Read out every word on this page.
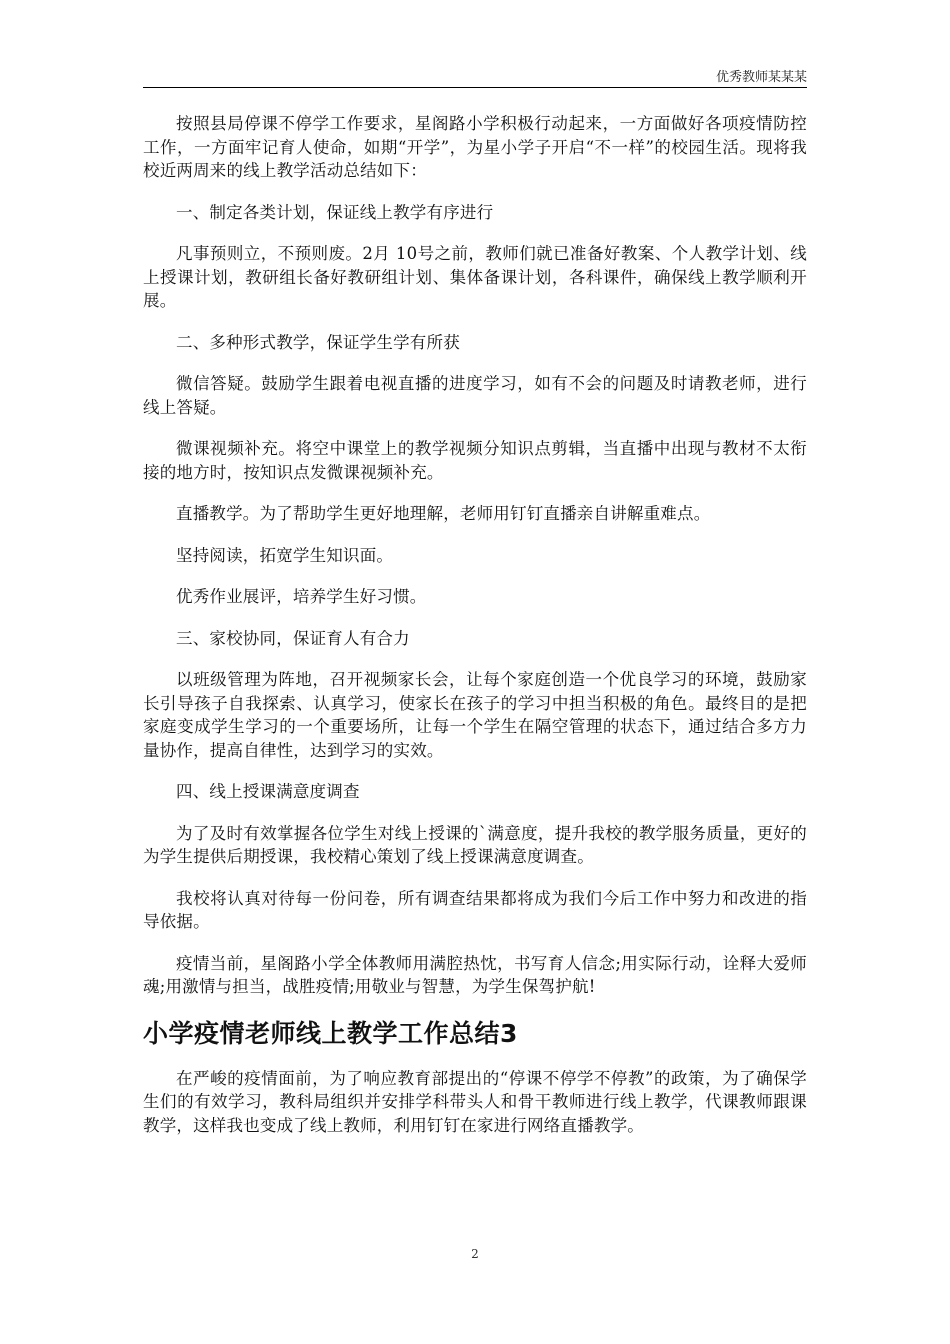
优秀教师某某某

按照县局停课不停学工作要求，星阁路小学积极行动起来，一方面做好各项疫情防控工作，一方面牢记育人使命，如期“开学”，为星小学子开启“不一样”的校园生活。现将我校近两周来的线上教学活动总结如下：

一、制定各类计划，保证线上教学有序进行

凡事预则立，不预则废。2月 10号之前，教师们就已准备好教案、个人教学计划、线上授课计划，教研组长备好教研组计划、集体备课计划，各科课件，确保线上教学顺利开展。

二、多种形式教学，保证学生学有所获

微信答疑。鼓励学生跟着电视直播的进度学习，如有不会的问题及时请教老师，进行线上答疑。

微课视频补充。将空中课堂上的教学视频分知识点剪辑，当直播中出现与教材不太衔接的地方时，按知识点发微课视频补充。

直播教学。为了帮助学生更好地理解，老师用钉钉直播亲自讲解重难点。

坚持阅读，拓宽学生知识面。

优秀作业展评，培养学生好习惯。

三、家校协同，保证育人有合力

以班级管理为阵地，召开视频家长会，让每个家庭创造一个优良学习的环境，鼓励家长引导孩子自我探索、认真学习，使家长在孩子的学习中担当积极的角色。最终目的是把家庭变成学生学习的一个重要场所，让每一个学生在隔空管理的状态下，通过结合多方力量协作，提高自律性，达到学习的实效。

四、线上授课满意度调查

为了及时有效掌握各位学生对线上授课的`满意度，提升我校的教学服务质量，更好的为学生提供后期授课，我校精心策划了线上授课满意度调查。

我校将认真对待每一份问卷，所有调查结果都将成为我们今后工作中努力和改进的指导依据。

疫情当前，星阁路小学全体教师用满腔热忱，书写育人信念;用实际行动，诠释大爱师魂;用激情与担当，战胜疫情;用敬业与智慧，为学生保驾护航!

小学疫情老师线上教学工作总结3

在严峻的疫情面前，为了响应教育部提出的“停课不停学不停教”的政策，为了确保学生们的有效学习，教科局组织并安排学科带头人和骨干教师进行线上教学，代课教师跟课教学，这样我也变成了线上教师，利用钉钉在家进行网络直播教学。

2
